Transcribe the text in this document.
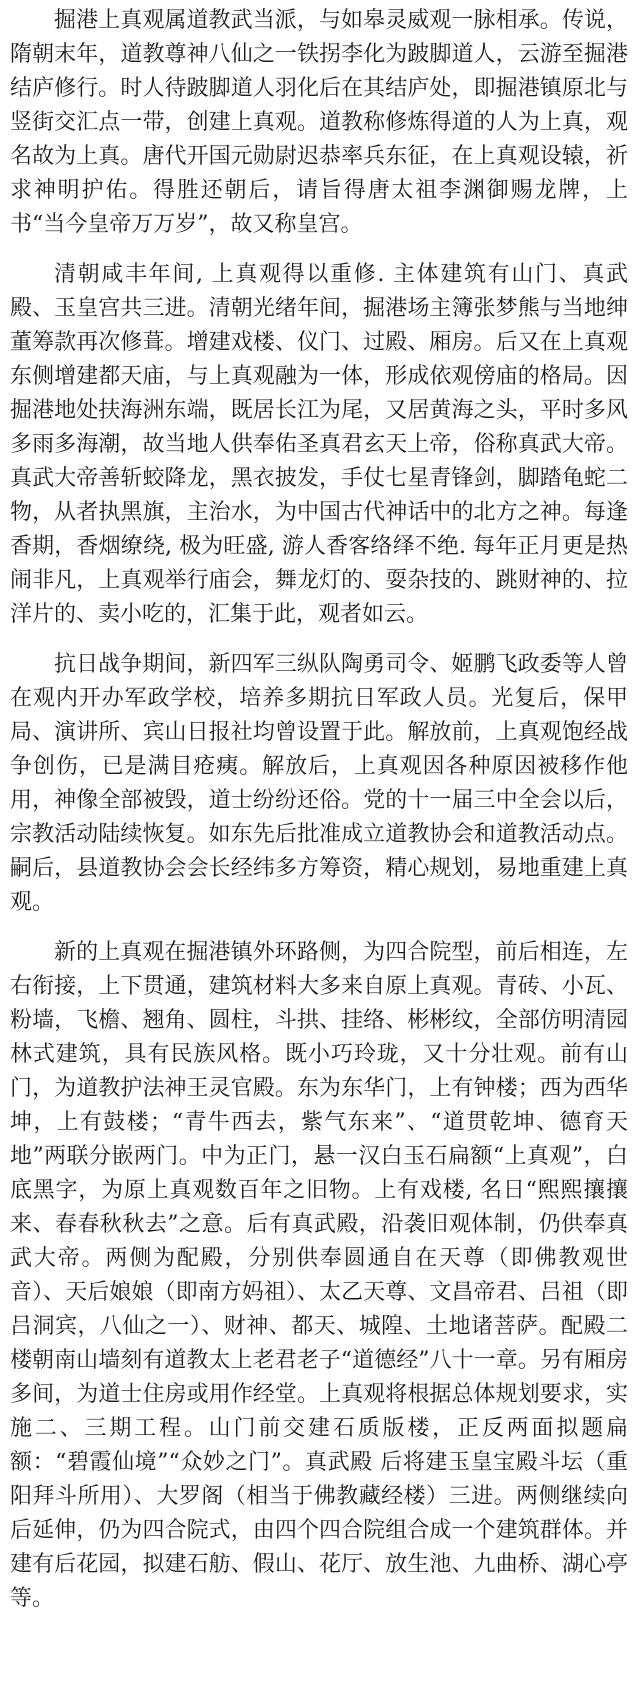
掘港上真观属道教武当派，与如皋灵威观一脉相承。传说，隋朝末年，道教尊神八仙之一铁拐李化为跛脚道人，云游至掘港结庐修行。时人待跛脚道人羽化后在其结庐处，即掘港镇原北与竖街交汇点一带，创建上真观。道教称修炼得道的人为上真，观名故为上真。唐代开国元勋尉迟恭率兵东征，在上真观设辕，祈求神明护佑。得胜还朝后，请旨得唐太祖李渊御赐龙牌，上书“当今皇帝万万岁”，故又称皇宫。

清朝咸丰年间, 上真观得以重修. 主体建筑有山门、真武殿、玉皇宫共三进。清朝光绪年间，掘港场主簿张梦熊与当地绅董筹款再次修葺。增建戏楼、仪门、过殿、厢房。后又在上真观东侧增建都天庙，与上真观融为一体，形成依观傍庙的格局。因掘港地处扶海洲东端，既居长江为尾，又居黄海之头，平时多风多雨多海潮，故当地人供奉佑圣真君玄天上帝，俗称真武大帝。真武大帝善斩蛟降龙，黑衣披发，手仗七星青锋剑，脚踏龟蛇二物，从者执黑旗，主治水，为中国古代神话中的北方之神。每逢香期，香烟缭绕, 极为旺盛, 游人香客络绎不绝. 每年正月更是热闹非凡，上真观举行庙会，舞龙灯的、耍杂技的、跳财神的、拉洋片的、卖小吃的，汇集于此，观者如云。

抗日战争期间，新四军三纵队陶勇司令、姬鹏飞政委等人曾在观内开办军政学校，培养多期抗日军政人员。光复后，保甲局、演讲所、宾山日报社均曾设置于此。解放前，上真观饱经战争创伤，已是满目疮痍。解放后，上真观因各种原因被移作他用，神像全部被毁，道士纷纷还俗。党的十一届三中全会以后，宗教活动陆续恢复。如东先后批准成立道教协会和道教活动点。嗣后，县道教协会会长经纬多方筹资，精心规划，易地重建上真观。

新的上真观在掘港镇外环路侧，为四合院型，前后相连，左右衔接，上下贯通，建筑材料大多来自原上真观。青砖、小瓦、粉墙，飞檐、翘角、圆柱，斗拱、挂络、彬彬纹，全部仿明清园林式建筑，具有民族风格。既小巧玲珑，又十分壮观。前有山门，为道教护法神王灵官殿。东为东华门，上有钟楼；西为西华坤，上有鼓楼；“青牛西去，紫气东来”、“道贯乾坤、德育天地”两联分嵌两门。中为正门，悬一汉白玉石扁额“上真观”，白底黑字，为原上真观数百年之旧物。上有戏楼, 名日“熙熙攘攘来、春春秋秋去”之意。后有真武殿，沿袭旧观体制，仍供奉真武大帝。两侧为配殿，分别供奉圆通自在天尊（即佛教观世音）、天后娘娘（即南方妈祖）、太乙天尊、文昌帝君、吕祖（即吕洞宾，八仙之一）、财神、都天、城隍、土地诸菩萨。配殿二楼朝南山墙刻有道教太上老君老子“道德经”八十一章。另有厢房多间，为道士住房或用作经堂。上真观将根据总体规划要求，实施二、三期工程。山门前交建石质版楼，正反两面拟题扁额：“碧霞仙境”“众妙之门”。真武殿 后将建玉皇宝殿斗坛（重阳拜斗所用）、大罗阁（相当于佛教藏经楼）三进。两侧继续向后延伸，仍为四合院式，由四个四合院组合成一个建筑群体。并建有后花园，拟建石舫、假山、花厅、放生池、九曲桥、湖心亭等。
